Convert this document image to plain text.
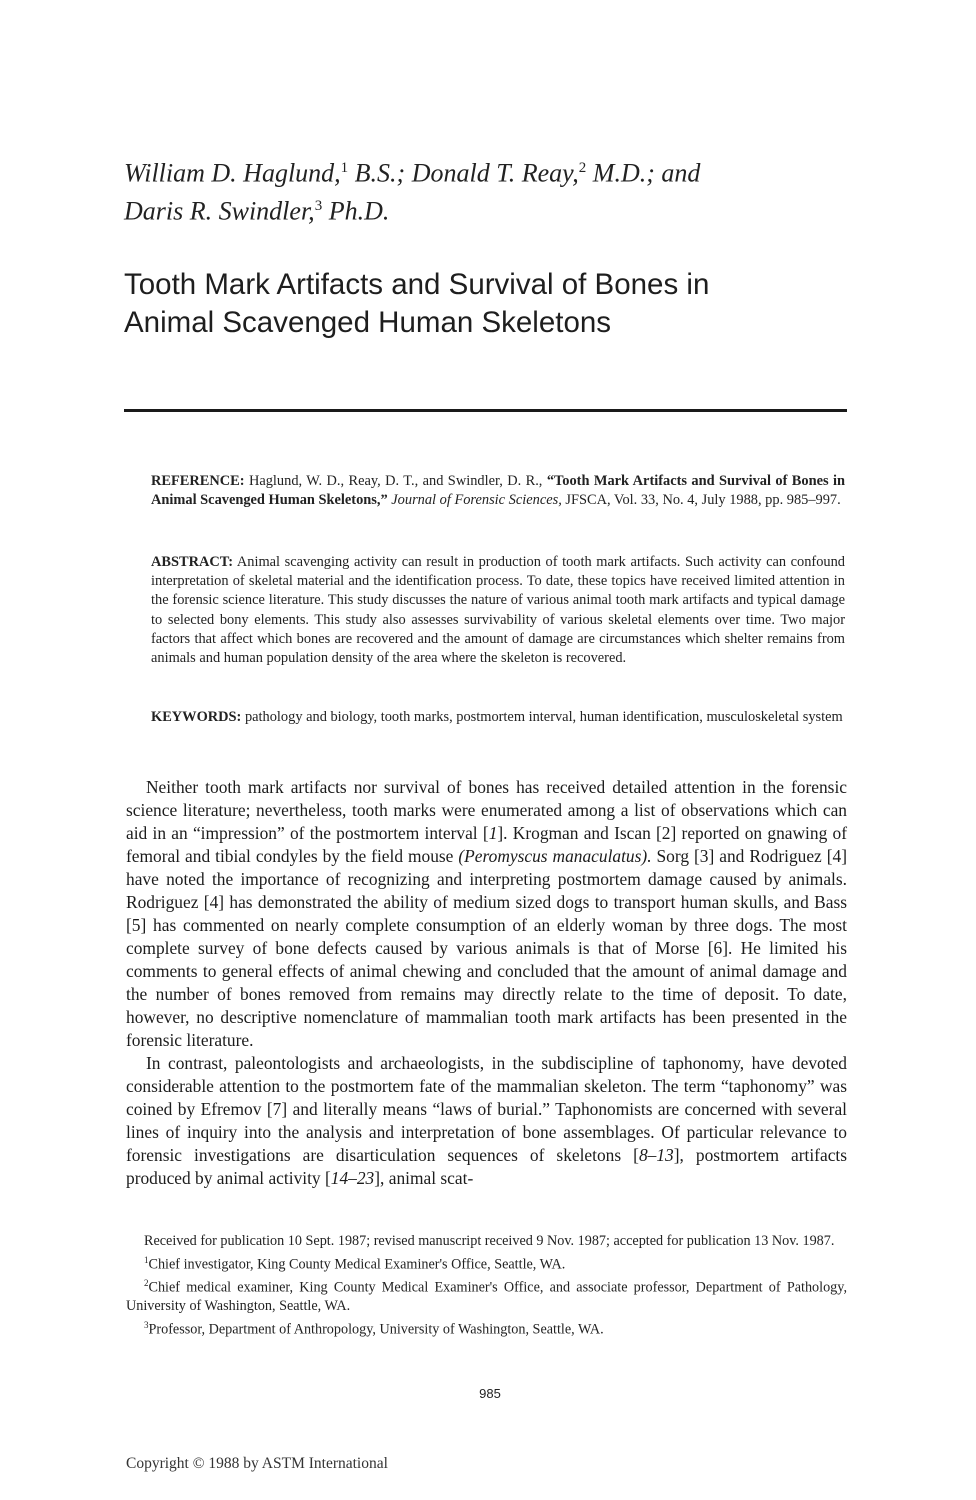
William D. Haglund,$^1$ B.S.; Donald T. Reay,$^2$ M.D.; and
Daris R. Swindler,$^3$ Ph.D.
Tooth Mark Artifacts and Survival of Bones in
Animal Scavenged Human Skeletons
REFERENCE: Haglund, W. D., Reay, D. T., and Swindler, D. R., “Tooth Mark Artifacts and Survival of Bones in Animal Scavenged Human Skeletons,” Journal of Forensic Sciences, JFSCA, Vol. 33, No. 4, July 1988, pp. 985–997.
ABSTRACT: Animal scavenging activity can result in production of tooth mark artifacts. Such activity can confound interpretation of skeletal material and the identification process. To date, these topics have received limited attention in the forensic science literature. This study discusses the nature of various animal tooth mark artifacts and typical damage to selected bony elements. This study also assesses survivability of various skeletal elements over time. Two major factors that affect which bones are recovered and the amount of damage are circumstances which shelter remains from animals and human population density of the area where the skeleton is recovered.
KEYWORDS: pathology and biology, tooth marks, postmortem interval, human identification, musculoskeletal system

Neither tooth mark artifacts nor survival of bones has received detailed attention in the forensic science literature; nevertheless, tooth marks were enumerated among a list of observations which can aid in an “impression” of the postmortem interval [1]. Krogman and Iscan [2] reported on gnawing of femoral and tibial condyles by the field mouse (Peromyscus manaculatus). Sorg [3] and Rodriguez [4] have noted the importance of recognizing and interpreting postmortem damage caused by animals. Rodriguez [4] has demonstrated the ability of medium sized dogs to transport human skulls, and Bass [5] has commented on nearly complete consumption of an elderly woman by three dogs. The most complete survey of bone defects caused by various animals is that of Morse [6]. He limited his comments to general effects of animal chewing and concluded that the amount of animal damage and the number of bones removed from remains may directly relate to the time of deposit. To date, however, no descriptive nomenclature of mammalian tooth mark artifacts has been presented in the forensic literature.

In contrast, paleontologists and archaeologists, in the subdiscipline of taphonomy, have devoted considerable attention to the postmortem fate of the mammalian skeleton. The term “taphonomy” was coined by Efremov [7] and literally means “laws of burial.” Taphonomists are concerned with several lines of inquiry into the analysis and interpretation of bone assemblages. Of particular relevance to forensic investigations are disarticulation sequences of skeletons [8–13], postmortem artifacts produced by animal activity [14–23], animal scat-

Received for publication 10 Sept. 1987; revised manuscript received 9 Nov. 1987; accepted for publication 13 Nov. 1987.

$^1$Chief investigator, King County Medical Examiner's Office, Seattle, WA.

$^2$Chief medical examiner, King County Medical Examiner's Office, and associate professor, Department of Pathology, University of Washington, Seattle, WA.

$^3$Professor, Department of Anthropology, University of Washington, Seattle, WA.

985
Copyright © 1988 by ASTM International
